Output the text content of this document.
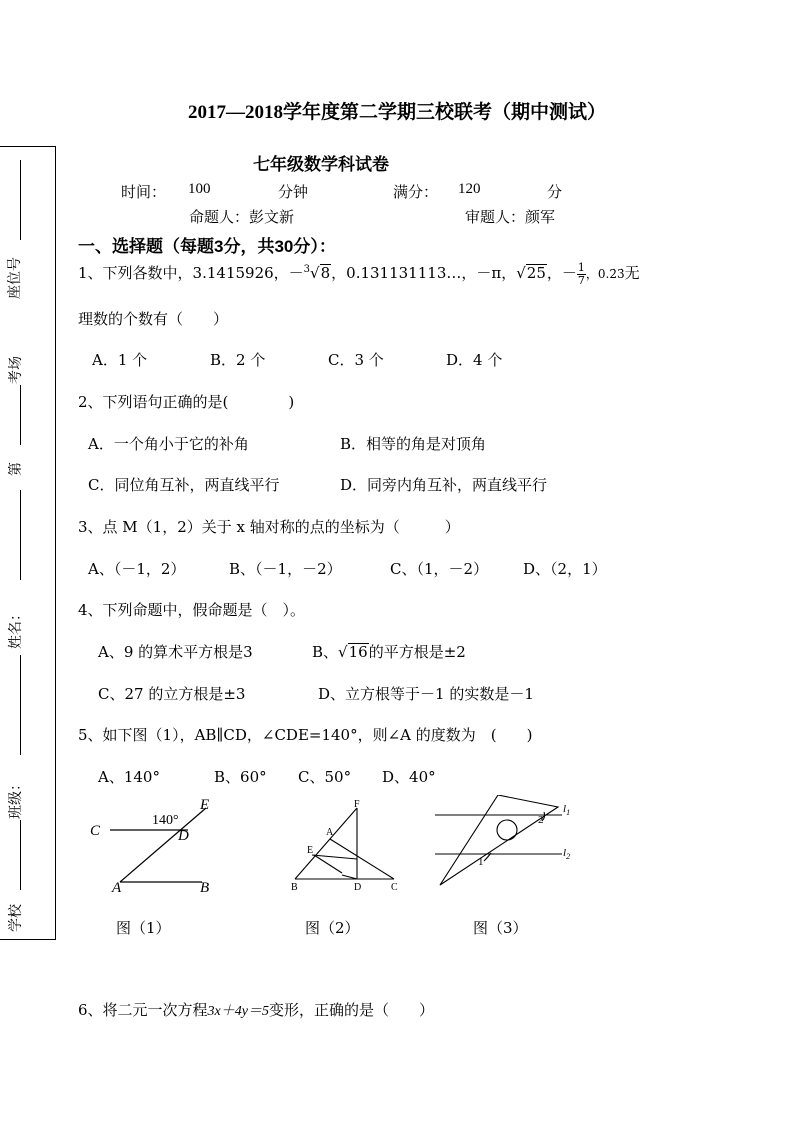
2017—2018学年度第二学期三校联考（期中测试）
七年级数学科试卷
时间： 100	分钟	满分： 120	分
命题人：彭文新	审题人：颜军
座位号
考场
第
姓名：
班级：
学校
一、选择题（每题3分，共30分）：
1、下列各数中，3.1415926，－$^3$√8，0.131131113…，－π，√25，－ $\frac{1}{7}$ ，0.2̇3̇无
理数的个数有（　　）
A．1 个	B．2 个	C．3 个	D．4 个
2、下列语句正确的是(　　　　)
A．一个角小于它的补角	B．相等的角是对顶角
C．同位角互补，两直线平行	D．同旁内角互补，两直线平行
3、点 M（1，2）关于 x 轴对称的点的坐标为（　　　）
A、（－1，2）	B、（－1，－2）	C、（1，－2） D、（2，1）
4、下列命题中，假命题是（　）。
A、9 的算术平方根是3	B、√16的平方根是±2
C、27 的立方根是±3	D、立方根等于－1 的实数是－1
5、如下图（1），AB∥CD，∠CDE=140°，则∠A 的度数为　(　　)
A、140°	B、60° C、50° D、40°
C	D
E
A	B
140°
F
A
E
B	D	C
2
1
$l_1$
$l_2$
图（1）	图（2）	图（3）
6、将二元一次方程3x＋4y＝5变形，正确的是（　　）
